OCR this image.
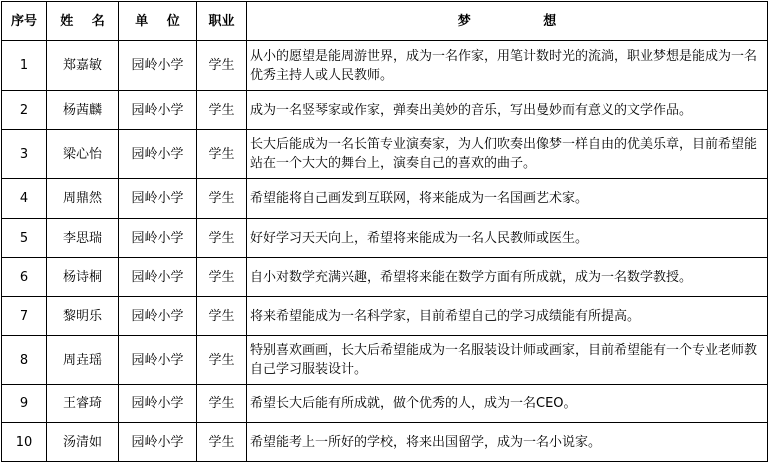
序号	姓 名	单 位	职业	梦                想
1	郑嘉敏	园岭小学	学生	从小的愿望是能周游世界，成为一名作家，用笔计数时光的流淌，职业梦想是能成为一名优秀主持人或人民教师。
2	杨茜麟	园岭小学	学生	成为一名竖琴家或作家，弹奏出美妙的音乐，写出曼妙而有意义的文学作品。
3	梁心怡	园岭小学	学生	长大后能成为一名长笛专业演奏家，为人们吹奏出像梦一样自由的优美乐章，目前希望能站在一个大大的舞台上，演奏自己的喜欢的曲子。
4	周鼎然	园岭小学	学生	希望能将自己画发到互联网，将来能成为一名国画艺术家。
5	李思瑞	园岭小学	学生	好好学习天天向上，希望将来能成为一名人民教师或医生。
6	杨诗桐	园岭小学	学生	自小对数学充满兴趣，希望将来能在数学方面有所成就，成为一名数学教授。
7	黎明乐	园岭小学	学生	将来希望能成为一名科学家，目前希望自己的学习成绩能有所提高。
8	周垚瑶	园岭小学	学生	特别喜欢画画，长大后希望能成为一名服装设计师或画家，目前希望能有一个专业老师教自己学习服装设计。
9	王睿琦	园岭小学	学生	希望长大后能有所成就，做个优秀的人，成为一名CEO。
10	汤清如	园岭小学	学生	希望能考上一所好的学校，将来出国留学，成为一名小说家。
